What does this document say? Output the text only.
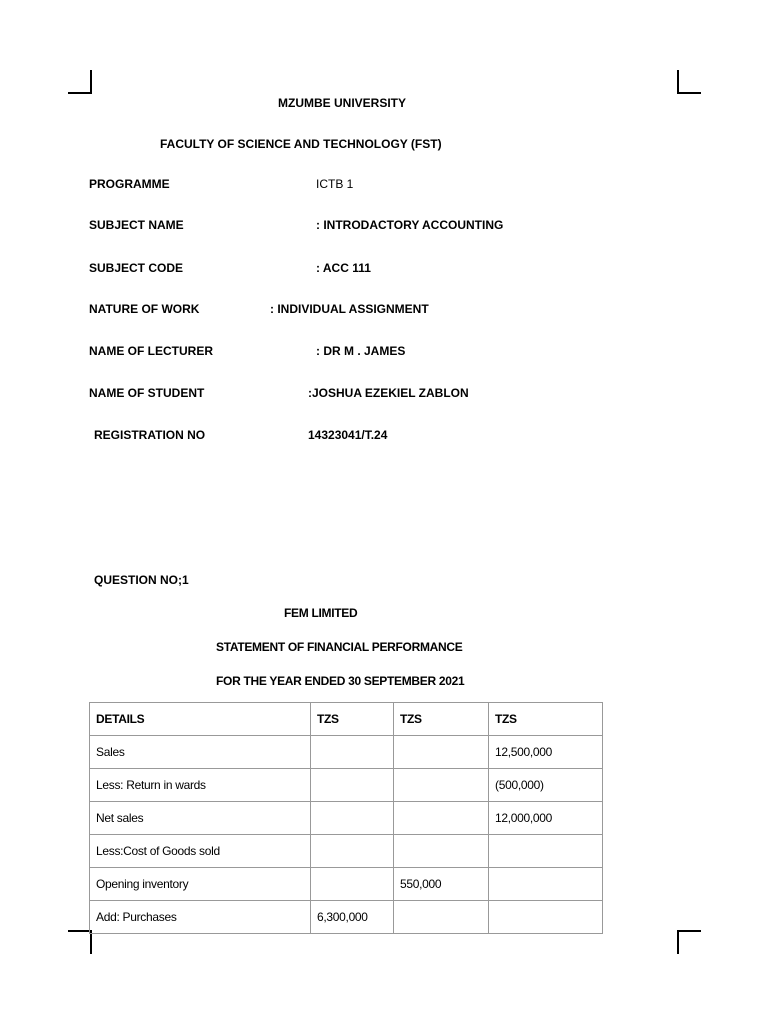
MZUMBE UNIVERSITY
FACULTY OF SCIENCE AND TECHNOLOGY (FST)
PROGRAMME	ICTB 1
SUBJECT NAME	: INTRODACTORY ACCOUNTING
SUBJECT CODE	: ACC 111
NATURE OF WORK	: INDIVIDUAL ASSIGNMENT
NAME OF LECTURER	: DR M . JAMES
NAME OF STUDENT	:JOSHUA EZEKIEL ZABLON
REGISTRATION NO	14323041/T.24
QUESTION NO;1
FEM LIMITED
STATEMENT OF FINANCIAL PERFORMANCE
FOR THE YEAR ENDED 30 SEPTEMBER 2021
DETAILS	TZS	TZS	TZS
Sales			12,500,000
Less: Return in wards			(500,000)
Net sales			12,000,000
Less:Cost of Goods sold			
Opening inventory		550,000	
Add: Purchases	6,300,000		
